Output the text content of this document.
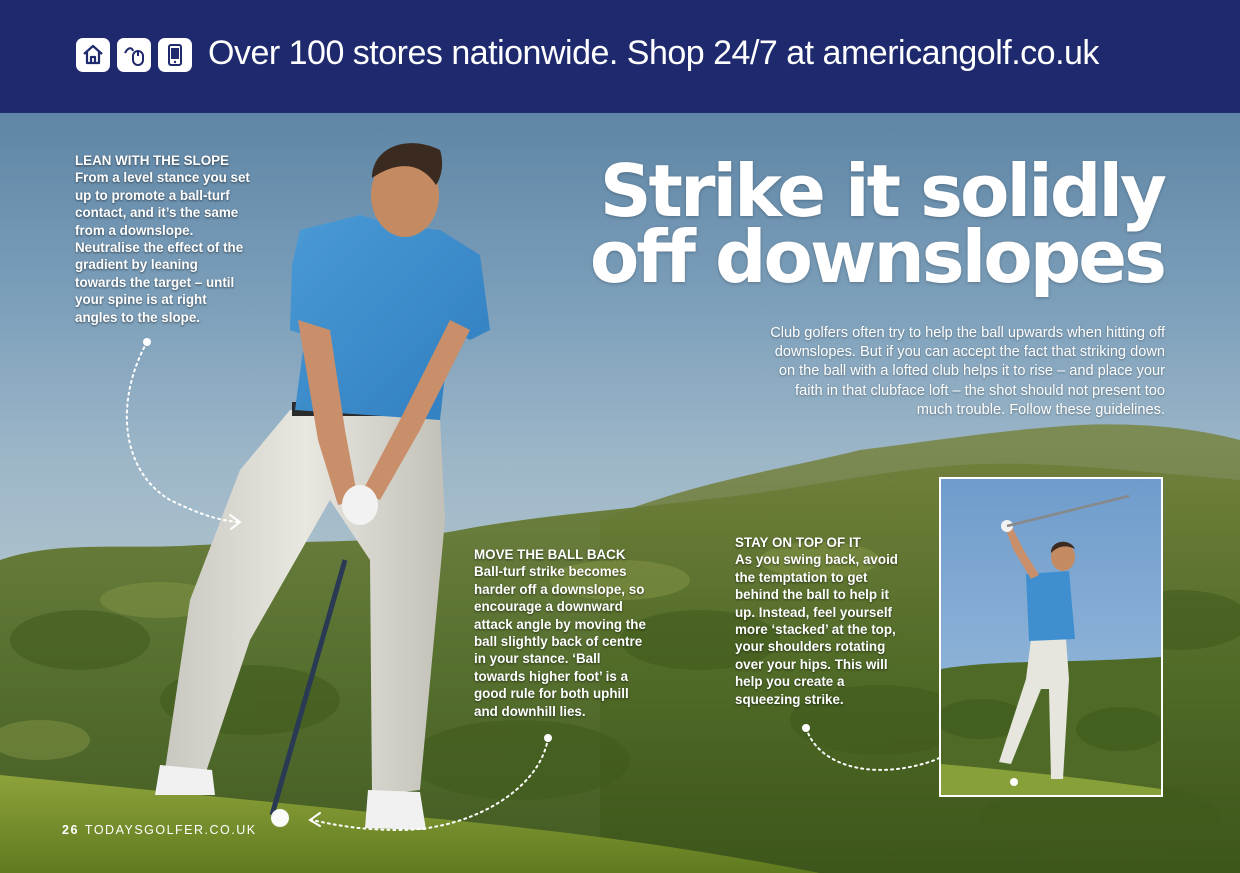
Over 100 stores nationwide. Shop 24/7 at americangolf.co.uk
Strike it solidly
off downslopes
Club golfers often try to help the ball upwards when hitting off downslopes. But if you can accept the fact that striking down on the ball with a lofted club helps it to rise – and place your faith in that clubface loft – the shot should not present too much trouble. Follow these guidelines.
LEAN WITH THE SLOPE
From a level stance you set up to promote a ball-turf contact, and it’s the same from a downslope. Neutralise the effect of the gradient by leaning towards the target – until your spine is at right angles to the slope.
MOVE THE BALL BACK
Ball-turf strike becomes harder off a downslope, so encourage a downward attack angle by moving the ball slightly back of centre in your stance. ‘Ball towards higher foot’ is a good rule for both uphill and downhill lies.
STAY ON TOP OF IT
As you swing back, avoid the temptation to get behind the ball to help it up. Instead, feel yourself more ‘stacked’ at the top, your shoulders rotating over your hips. This will help you create a squeezing strike.
26 TODAYSGOLFER.CO.UK
